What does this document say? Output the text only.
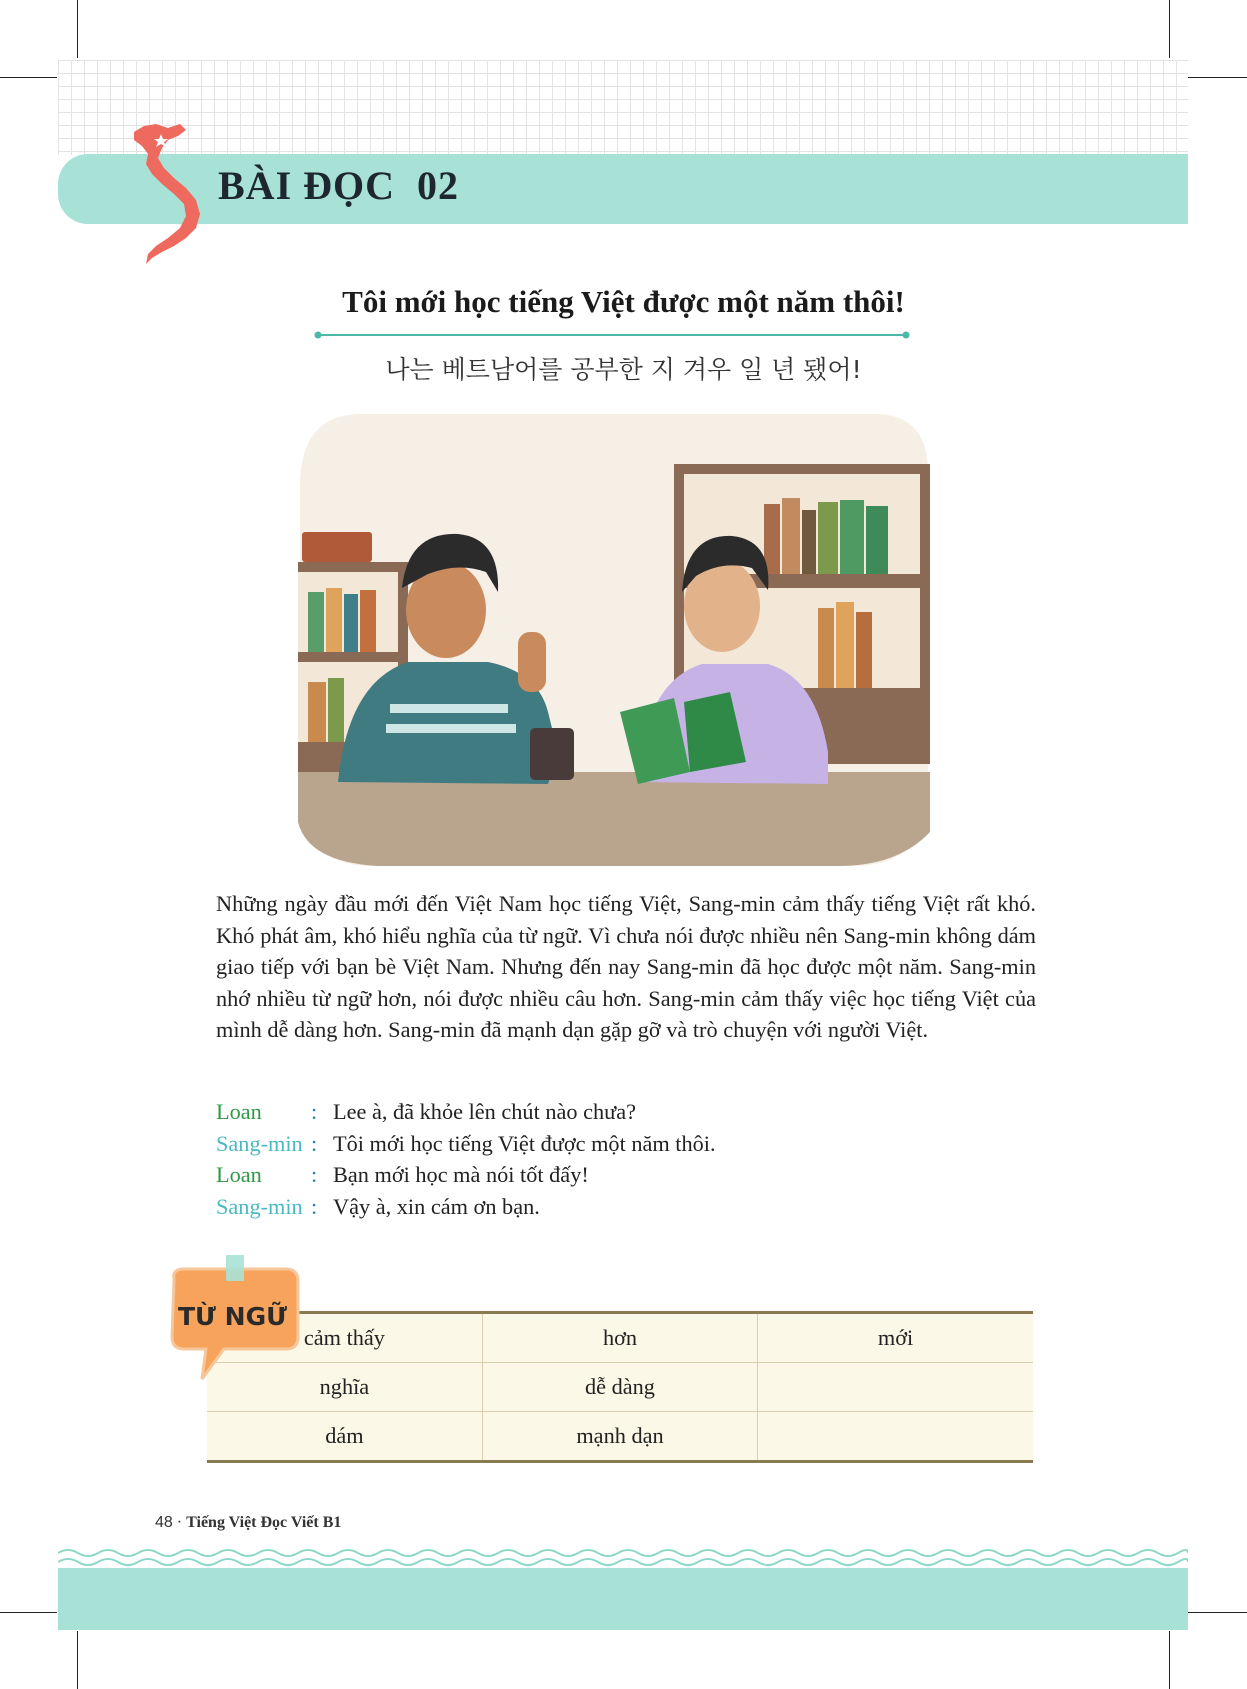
BÀI ĐỌC  02
Tôi mới học tiếng Việt được một năm thôi!
나는 베트남어를 공부한 지 겨우 일 년 됐어!

Những ngày đầu mới đến Việt Nam học tiếng Việt, Sang-min cảm thấy tiếng Việt rất khó. Khó phát âm, khó hiểu nghĩa của từ ngữ. Vì chưa nói được nhiều nên Sang-min không dám giao tiếp với bạn bè Việt Nam. Nhưng đến nay Sang-min đã học được một năm. Sang-min nhớ nhiều từ ngữ hơn, nói được nhiều câu hơn. Sang-min cảm thấy việc học tiếng Việt của mình dễ dàng hơn. Sang-min đã mạnh dạn gặp gỡ và trò chuyện với người Việt.

Loan	: Lee à, đã khỏe lên chút nào chưa?
Sang-min : Tôi mới học tiếng Việt được một năm thôi.
Loan	: Bạn mới học mà nói tốt đấy!
Sang-min : Vậy à, xin cám ơn bạn.
cảm thấy	hơn	mới
nghĩa	dễ dàng	
dám	mạnh dạn	
TỪ NGỮ
48 · Tiếng Việt Đọc Viết B1
